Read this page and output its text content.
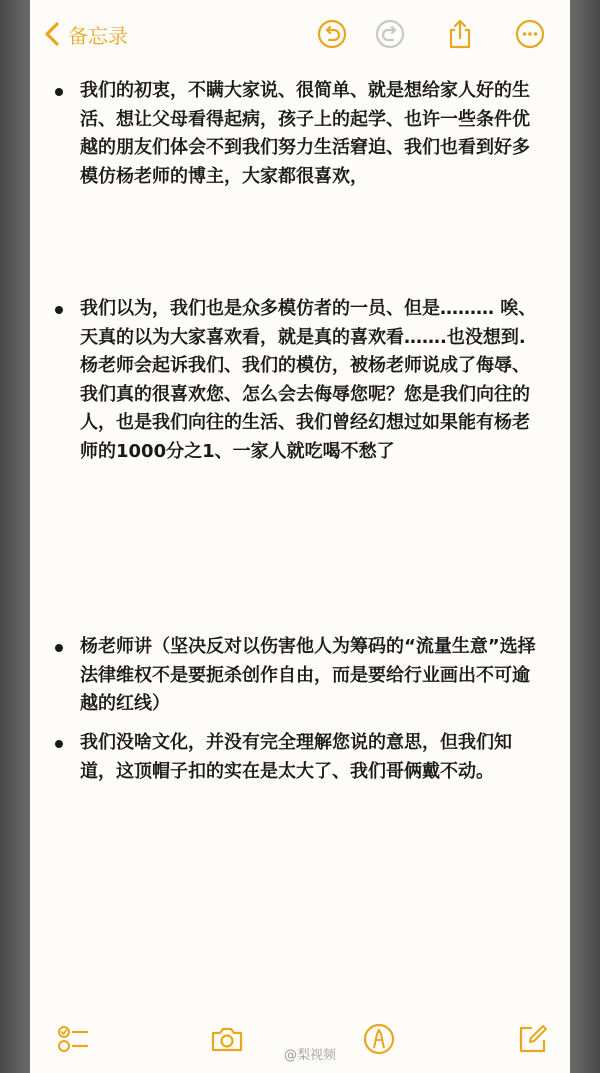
备忘录
我们的初衷，不瞒大家说、很简单、就是想给家人好的生活、想让父母看得起病，孩子上的起学、也许一些条件优越的朋友们体会不到我们努力生活窘迫、我们也看到好多模仿杨老师的博主，大家都很喜欢，
我们以为，我们也是众多模仿者的一员、但是……… 唉、天真的以为大家喜欢看，就是真的喜欢看…….也没想到.杨老师会起诉我们、我们的模仿，被杨老师说成了侮辱、我们真的很喜欢您、怎么会去侮辱您呢？您是我们向往的人，也是我们向往的生活、我们曾经幻想过如果能有杨老师的1000分之1、一家人就吃喝不愁了
杨老师讲（坚决反对以伤害他人为筹码的“流量生意”选择法律维权不是要扼杀创作自由，而是要给行业画出不可逾越的红线）
我们没啥文化，并没有完全理解您说的意思，但我们知道，这顶帽子扣的实在是太大了、我们哥俩戴不动。
@梨视频
